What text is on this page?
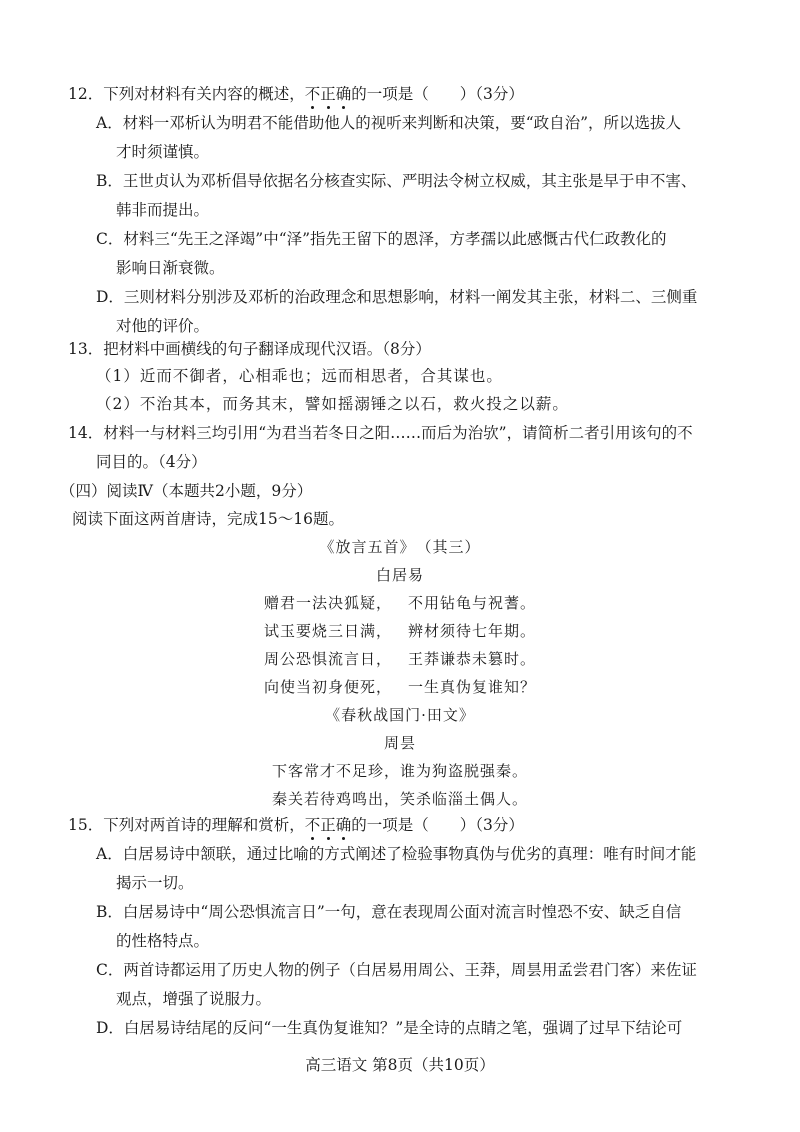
12．下列对材料有关内容的概述，不正确的一项是（　　）（3分）
A．材料一邓析认为明君不能借助他人的视听来判断和决策，要“政自治”，所以选拔人
才时须谨慎。
B．王世贞认为邓析倡导依据名分核查实际、严明法令树立权威，其主张是早于申不害、
韩非而提出。
C．材料三“先王之泽竭”中“泽”指先王留下的恩泽，方孝孺以此感慨古代仁政教化的
影响日渐衰微。
D．三则材料分别涉及邓析的治政理念和思想影响，材料一阐发其主张，材料二、三侧重
对他的评价。
13．把材料中画横线的句子翻译成现代汉语。（8分）
（1）近而不御者，心相乖也；远而相思者，合其谋也。
（2）不治其本，而务其末，譬如摇溺锤之以石，救火投之以薪。
14．材料一与材料三均引用“为君当若冬日之阳……而后为治欤”，请简析二者引用该句的不
同目的。（4分）
（四）阅读Ⅳ（本题共2小题，9分）
阅读下面这两首唐诗，完成15～16题。
《放言五首》　（其三）
白居易
赠君一法决狐疑， 不用钻龟与祝蓍。
试玉要烧三日满， 辨材须待七年期。
周公恐惧流言日， 王莽谦恭未篡时。
向使当初身便死， 一生真伪复谁知？
《春秋战国门·田文》
周昙
下客常才不足珍，谁为狗盗脱强秦。
秦关若待鸡鸣出，笑杀临淄土偶人。
15．下列对两首诗的理解和赏析，不正确的一项是（　　）（3分）
A．白居易诗中颔联，通过比喻的方式阐述了检验事物真伪与优劣的真理：唯有时间才能
揭示一切。
B．白居易诗中“周公恐惧流言日”一句，意在表现周公面对流言时惶恐不安、缺乏自信
的性格特点。
C．两首诗都运用了历史人物的例子（白居易用周公、王莽，周昙用孟尝君门客）来佐证
观点，增强了说服力。
D．白居易诗结尾的反问“一生真伪复谁知？”是全诗的点睛之笔，强调了过早下结论可
高三语文 第8页（共10页）
